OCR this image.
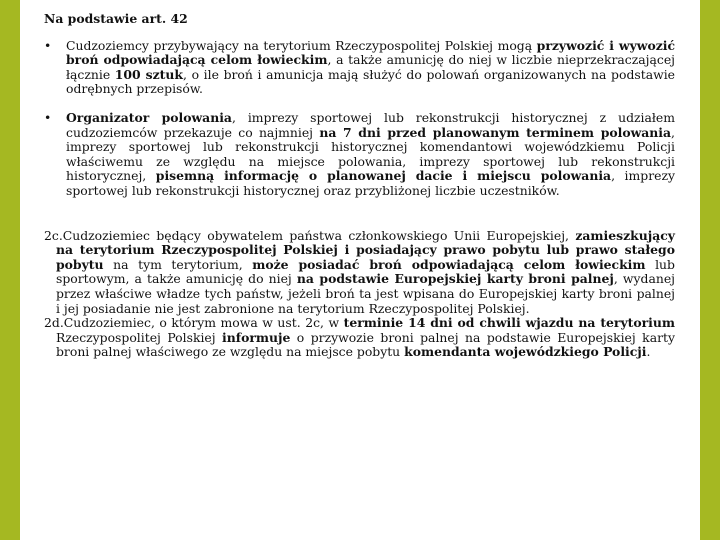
Na podstawie art. 42
• Cudzoziemcy przybywający na terytorium Rzeczypospolitej Polskiej mogą przywozić i wywozić broń odpowiadającą celom łowieckim, a także amunicję do niej w liczbie nieprzekraczającej łącznie 100 sztuk, o ile broń i amunicja mają służyć do polowań organizowanych na podstawie odrębnych przepisów.
• Organizator polowania, imprezy sportowej lub rekonstrukcji historycznej z udziałem cudzoziemców przekazuje co najmniej na 7 dni przed planowanym terminem polowania, imprezy sportowej lub rekonstrukcji historycznej komendantowi wojewódzkiemu Policji właściwemu ze względu na miejsce polowania, imprezy sportowej lub rekonstrukcji historycznej, pisemną informację o planowanej dacie i miejscu polowania, imprezy sportowej lub rekonstrukcji historycznej oraz przybliżonej liczbie uczestników.

2c.Cudzoziemiec będący obywatelem państwa członkowskiego Unii Europejskiej, zamieszkujący na terytorium Rzeczypospolitej Polskiej i posiadający prawo pobytu lub prawo stałego pobytu na tym terytorium, może posiadać broń odpowiadającą celom łowieckim lub sportowym, a także amunicję do niej na podstawie Europejskiej karty broni palnej, wydanej przez właściwe władze tych państw, jeżeli broń ta jest wpisana do Europejskiej karty broni palnej i jej posiadanie nie jest zabronione na terytorium Rzeczypospolitej Polskiej.

2d.Cudzoziemiec, o którym mowa w ust. 2c, w terminie 14 dni od chwili wjazdu na terytorium Rzeczypospolitej Polskiej informuje o przywozie broni palnej na podstawie Europejskiej karty broni palnej właściwego ze względu na miejsce pobytu komendanta wojewódzkiego Policji.
